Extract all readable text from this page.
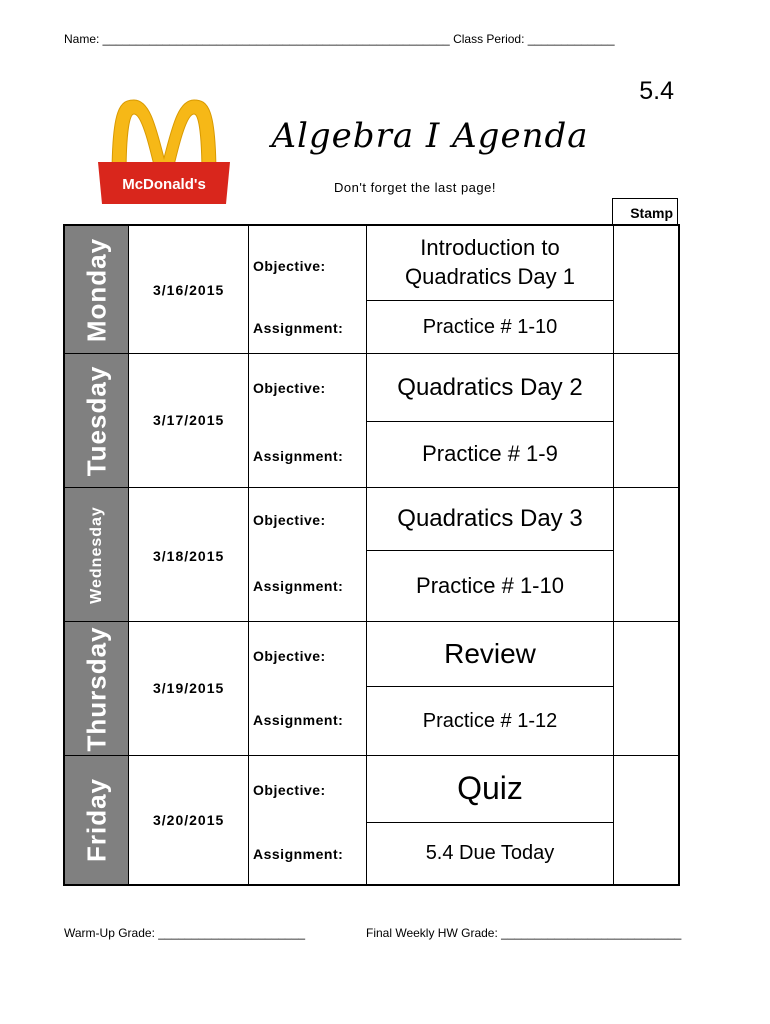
Name: ____________________________________________________ Class Period: _____________
5.4
McDonald's
Algebra I Agenda
Don't forget the last page!
Stamp
Monday	3/16/2015
Objective:
Introduction to Quadratics Day 1
Assignment:	Practice # 1-10
Tuesday	3/17/2015
Objective:	Quadratics Day 2
Assignment:	Practice # 1-9
Wednesday	3/18/2015
Objective:	Quadratics Day 3
Assignment:	Practice # 1-10
Thursday	3/19/2015
Objective:	Review
Assignment:	Practice # 1-12
Friday	3/20/2015
Objective:	Quiz
Assignment:	5.4 Due Today
Warm-Up Grade: ______________________	Final Weekly HW Grade: ___________________________
